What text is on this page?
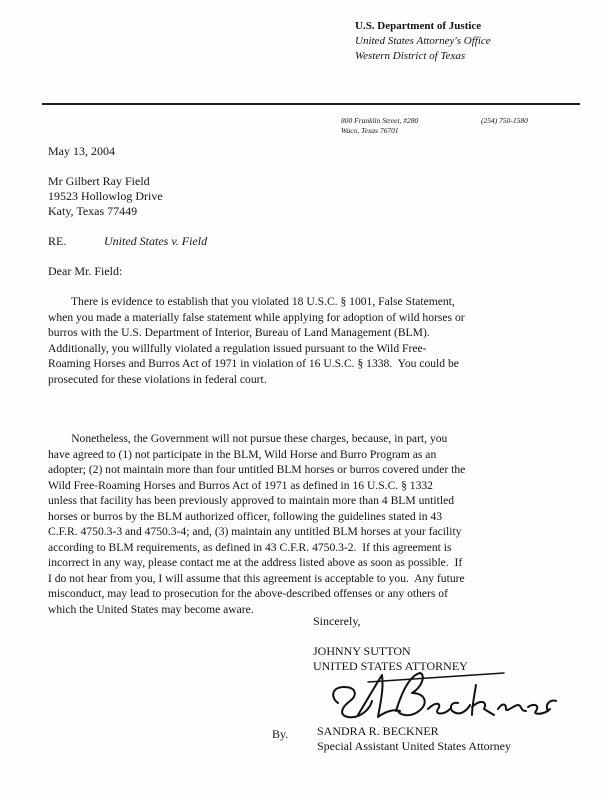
U.S. Department of Justice
United States Attorney's Office
Western District of Texas
800 Franklin Street, #280
Waco, Texas 76701
(254) 750-1580
May 13, 2004
Mr Gilbert Ray Field
19523 Hollowlog Drive
Katy, Texas 77449
RE.	United States v. Field
Dear Mr. Field:
There is evidence to establish that you violated 18 U.S.C. § 1001, False Statement,
when you made a materially false statement while applying for adoption of wild horses or
burros with the U.S. Department of Interior, Bureau of Land Management (BLM).
Additionally, you willfully violated a regulation issued pursuant to the Wild Free-
Roaming Horses and Burros Act of 1971 in violation of 16 U.S.C. § 1338.  You could be
prosecuted for these violations in federal court.
Nonetheless, the Government will not pursue these charges, because, in part, you
have agreed to (1) not participate in the BLM, Wild Horse and Burro Program as an
adopter; (2) not maintain more than four untitled BLM horses or burros covered under the
Wild Free-Roaming Horses and Burros Act of 1971 as defined in 16 U.S.C. § 1332
unless that facility has been previously approved to maintain more than 4 BLM untitled
horses or burros by the BLM authorized officer, following the guidelines stated in 43
C.F.R. 4750.3-3 and 4750.3-4; and, (3) maintain any untitled BLM horses at your facility
according to BLM requirements, as defined in 43 C.F.R. 4750.3-2.  If this agreement is
incorrect in any way, please contact me at the address listed above as soon as possible.  If
I do not hear from you, I will assume that this agreement is acceptable to you.  Any future
misconduct, may lead to prosecution for the above-described offenses or any others of
which the United States may become aware.
Sincerely,
JOHNNY SUTTON
UNITED STATES ATTORNEY
By. SANDRA R. BECKNER
Special Assistant United States Attorney
